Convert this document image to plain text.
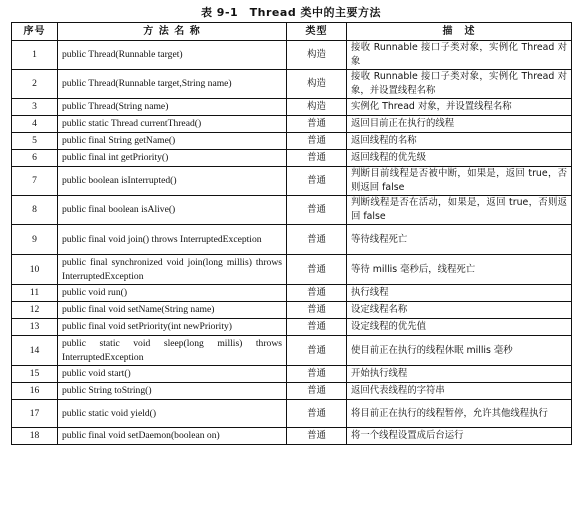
表 9-1　Thread 类中的主要方法
序号	方 法 名 称	类型	描　述
1	public Thread(Runnable target)	构造	接收 Runnable 接口子类对象，实例化 Thread 对象
2	public Thread(Runnable target,String name)	构造	接收 Runnable 接口子类对象，实例化 Thread 对象，并设置线程名称
3	public Thread(String name)	构造	实例化 Thread 对象，并设置线程名称
4	public static Thread currentThread()	普通	返回目前正在执行的线程
5	public final String getName()	普通	返回线程的名称
6	public final int getPriority()	普通	返回线程的优先级
7	public boolean isInterrupted()	普通	判断目前线程是否被中断，如果是，返回 true，否则返回 false
8	public final boolean isAlive()	普通	判断线程是否在活动，如果是，返回 true，否则返回 false
9	public final void join() throws InterruptedException	普通	等待线程死亡
10	public final synchronized void join(long millis) throws InterruptedException	普通	等待 millis 毫秒后，线程死亡
11	public void run()	普通	执行线程
12	public final void setName(String name)	普通	设定线程名称
13	public final void setPriority(int newPriority)	普通	设定线程的优先值
14	public static void sleep(long millis) throws InterruptedException	普通	使目前正在执行的线程休眠 millis 毫秒
15	public void start()	普通	开始执行线程
16	public String toString()	普通	返回代表线程的字符串
17	public static void yield()	普通	将目前正在执行的线程暂停，允许其他线程执行
18	public final void setDaemon(boolean on)	普通	将一个线程设置成后台运行
